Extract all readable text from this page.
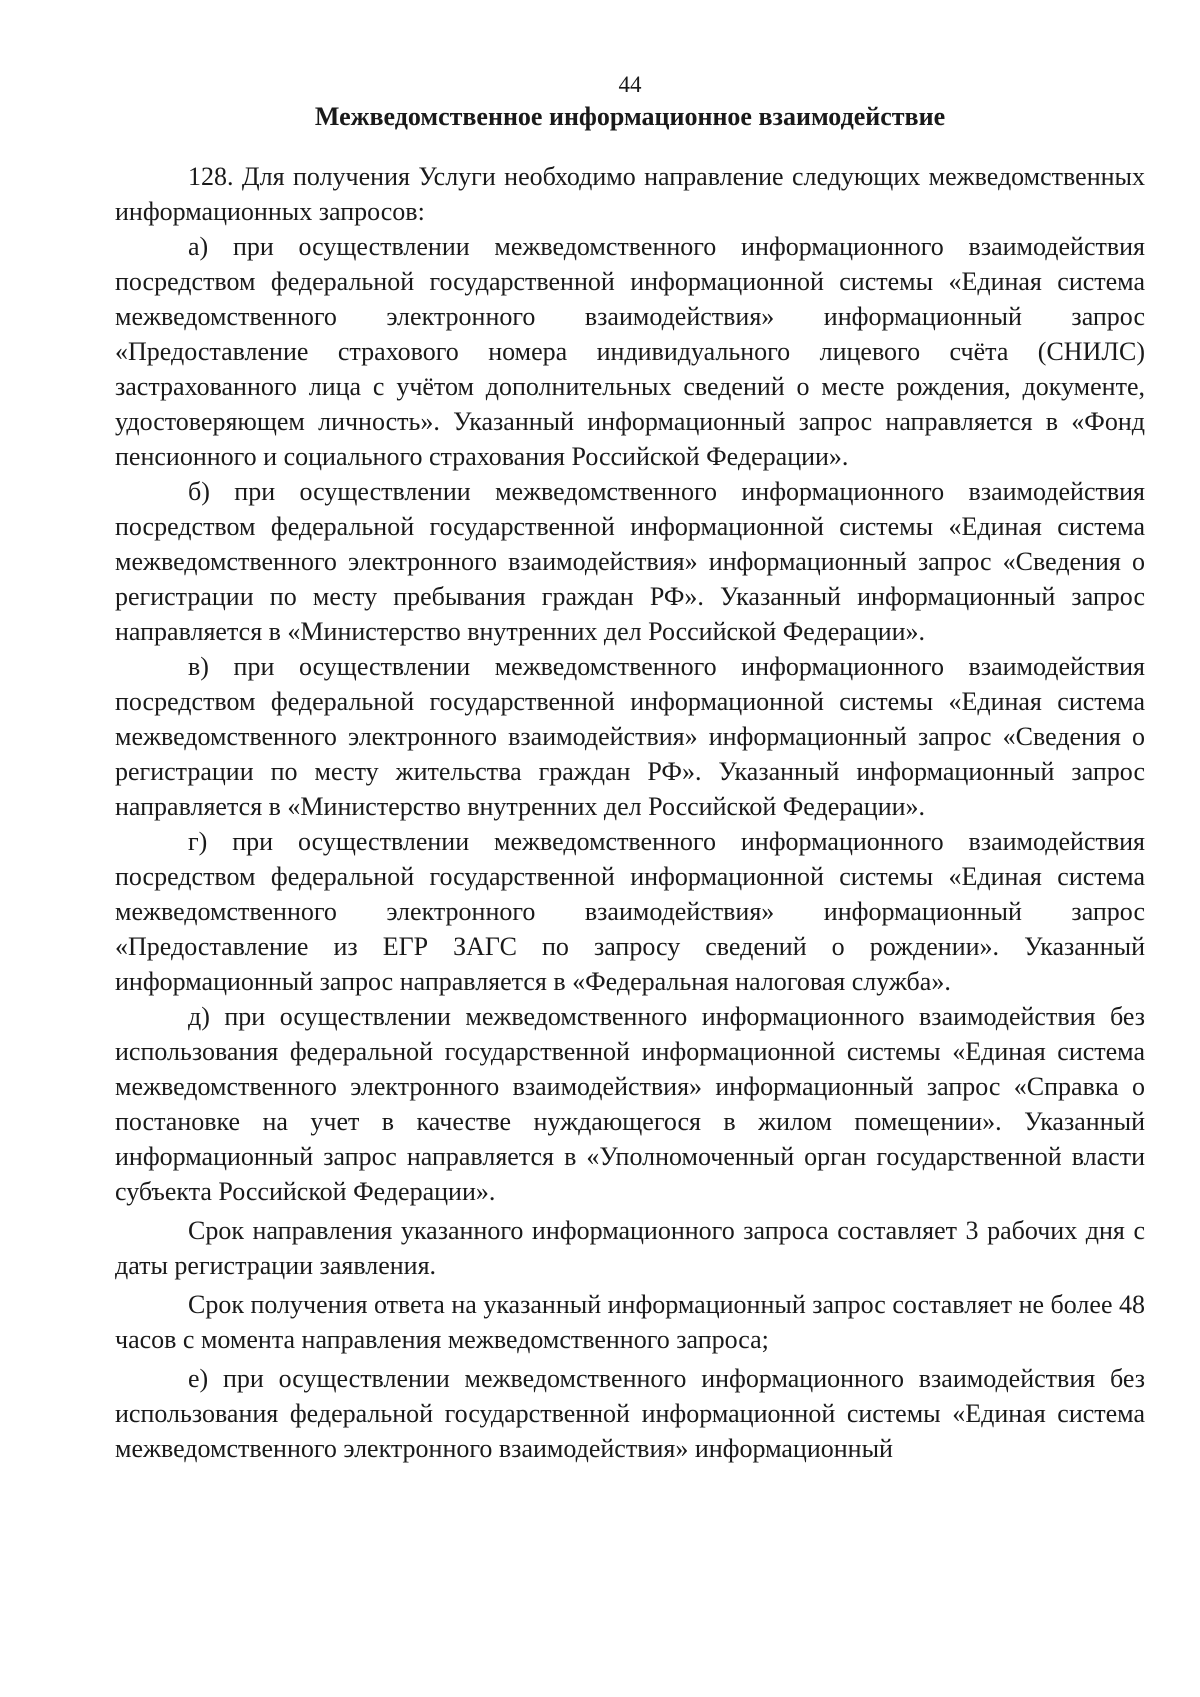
44
Межведомственное информационное взаимодействие

128. Для получения Услуги необходимо направление следующих межведомственных информационных запросов:

а) при осуществлении межведомственного информационного взаимодействия посредством федеральной государственной информационной системы «Единая система межведомственного электронного взаимодействия» информационный запрос «Предоставление страхового номера индивидуального лицевого счёта (СНИЛС) застрахованного лица с учётом дополнительных сведений о месте рождения, документе, удостоверяющем личность». Указанный информационный запрос направляется в «Фонд пенсионного и социального страхования Российской Федерации».

б) при осуществлении межведомственного информационного взаимодействия посредством федеральной государственной информационной системы «Единая система межведомственного электронного взаимодействия» информационный запрос «Сведения о регистрации по месту пребывания граждан РФ». Указанный информационный запрос направляется в «Министерство внутренних дел Российской Федерации».

в) при осуществлении межведомственного информационного взаимодействия посредством федеральной государственной информационной системы «Единая система межведомственного электронного взаимодействия» информационный запрос «Сведения о регистрации по месту жительства граждан РФ». Указанный информационный запрос направляется в «Министерство внутренних дел Российской Федерации».

г) при осуществлении межведомственного информационного взаимодействия посредством федеральной государственной информационной системы «Единая система межведомственного электронного взаимодействия» информационный запрос «Предоставление из ЕГР ЗАГС по запросу сведений о рождении». Указанный информационный запрос направляется в «Федеральная налоговая служба».

д) при осуществлении межведомственного информационного взаимодействия без использования федеральной государственной информационной системы «Единая система межведомственного электронного взаимодействия» информационный запрос «Справка о постановке на учет в качестве нуждающегося в жилом помещении». Указанный информационный запрос направляется в «Уполномоченный орган государственной власти субъекта Российской Федерации».

Срок направления указанного информационного запроса составляет 3 рабочих дня с даты регистрации заявления.

Срок получения ответа на указанный информационный запрос составляет не более 48 часов с момента направления межведомственного запроса;

е) при осуществлении межведомственного информационного взаимодействия без использования федеральной государственной информационной системы «Единая система межведомственного электронного взаимодействия» информационный
